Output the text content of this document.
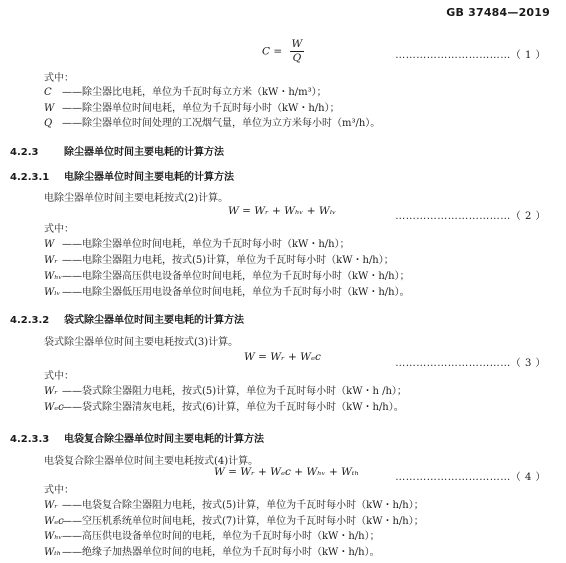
GB 37484—2019
$C = \frac{W}{Q}$	……………………………（ 1 ）
式中：
C ——除尘器比电耗，单位为千瓦时每立方米（kW・h/m³）；
W ——除尘器单位时间电耗，单位为千瓦时每小时（kW・h/h）；
Q ——除尘器单位时间处理的工况烟气量，单位为立方米每小时（m³/h）。
4.2.3	除尘器单位时间主要电耗的计算方法
4.2.3.1 电除尘器单位时间主要电耗的计算方法
电除尘器单位时间主要电耗按式(2)计算。
W = Wᵣ + Wₕᵥ + Wₗᵥ	……………………………（ 2 ）
式中：
W ——电除尘器单位时间电耗，单位为千瓦时每小时（kW・h/h）；
Wᵣ ——电除尘器阻力电耗，按式(5)计算，单位为千瓦时每小时（kW・h/h）；
Wₕᵥ——电除尘器高压供电设备单位时间电耗，单位为千瓦时每小时（kW・h/h）；
Wₗᵥ ——电除尘器低压用电设备单位时间电耗，单位为千瓦时每小时（kW・h/h）。
4.2.3.2 袋式除尘器单位时间主要电耗的计算方法
袋式除尘器单位时间主要电耗按式(3)计算。
W = Wᵣ + Wₑc
……………………………（ 3 ）
式中：
Wᵣ ——袋式除尘器阻力电耗，按式(5)计算，单位为千瓦时每小时（kW・h /h）；
Wₑc——袋式除尘器清灰电耗，按式(6)计算，单位为千瓦时每小时（kW・h/h）。
4.2.3.3 电袋复合除尘器单位时间主要电耗的计算方法
电袋复合除尘器单位时间主要电耗按式(4)计算。
W = Wᵣ + Wₑc + Wₕᵥ + Wₜₕ	……………………………（ 4 ）
式中：
Wᵣ ——电袋复合除尘器阻力电耗，按式(5)计算，单位为千瓦时每小时（kW・h/h）；
Wₑc——空压机系统单位时间电耗，按式(7)计算，单位为千瓦时每小时（kW・h/h）；
Wₕᵥ——高压供电设备单位时间的电耗，单位为千瓦时每小时（kW・h/h）；
Wₜₕ——绝缘子加热器单位时间的电耗，单位为千瓦时每小时（kW・h/h）。
